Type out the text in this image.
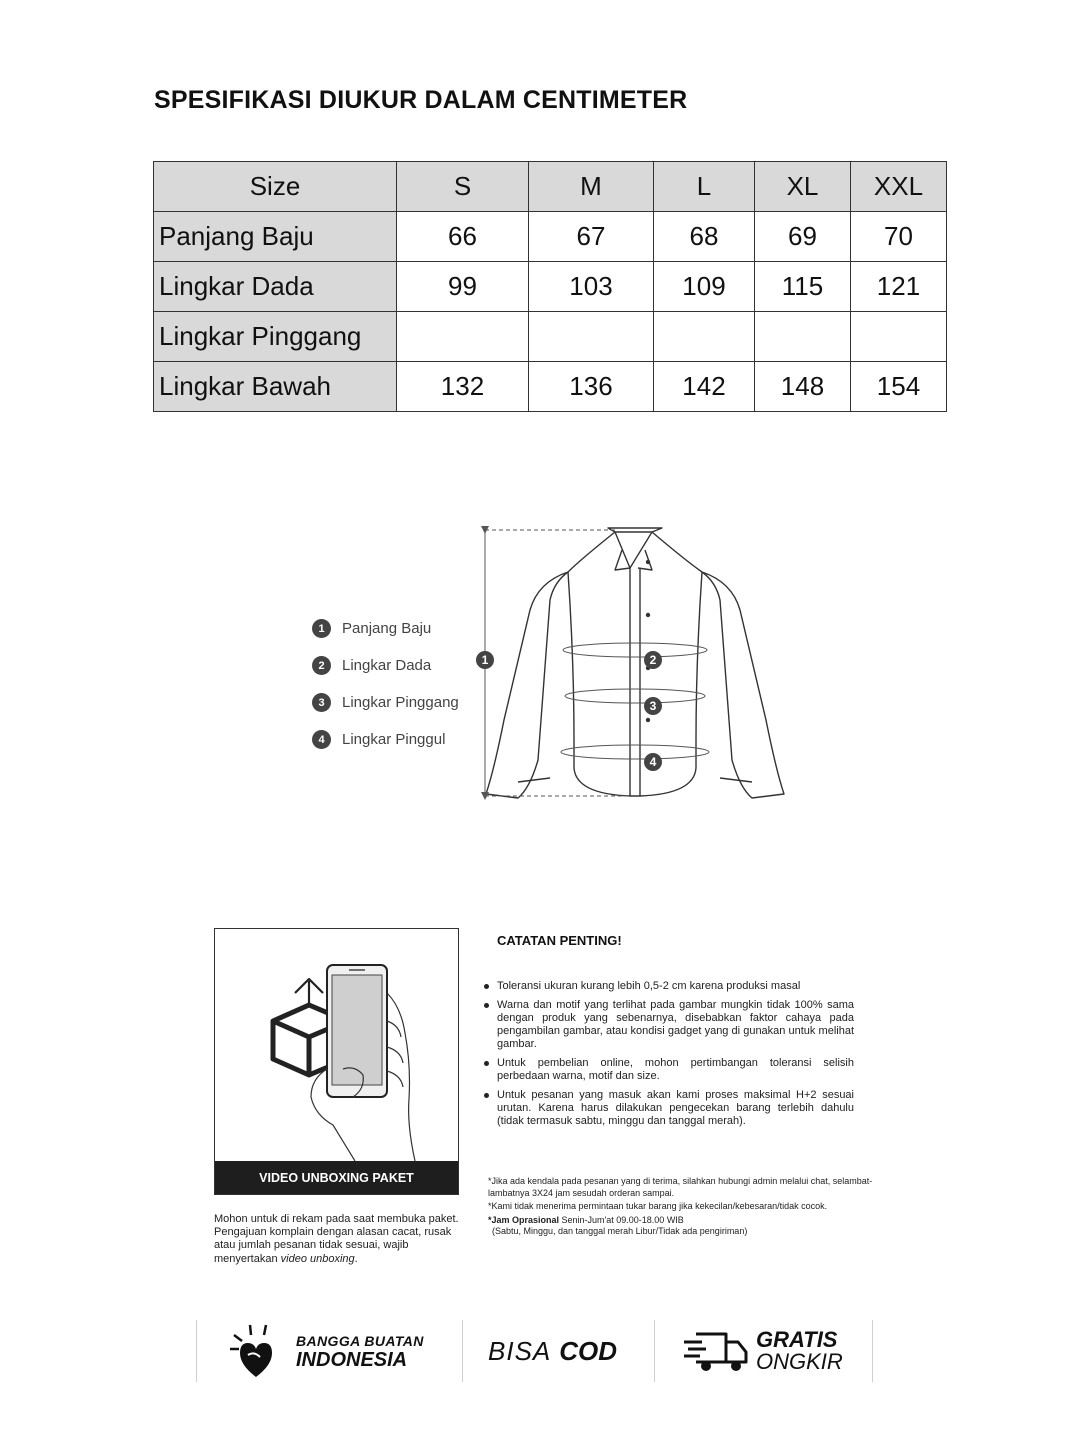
SPESIFIKASI DIUKUR DALAM CENTIMETER
Size	S	M	L	XL	XXL
Panjang Baju	66	67	68	69	70
Lingkar Dada	99	103	109	115	121
Lingkar Pinggang					
Lingkar Bawah	132	136	142	148	154
1	Panjang Baju
2	Lingkar Dada
3	Lingkar Pinggang
4	Lingkar Pinggul
1	2
3
4
VIDEO UNBOXING PAKET
Mohon untuk di rekam pada saat membuka paket. Pengajuan komplain dengan alasan cacat, rusak atau jumlah pesanan tidak sesuai, wajib menyertakan video unboxing.
CATATAN PENTING!
Toleransi ukuran kurang lebih 0,5-2 cm karena produksi masal
Warna dan motif yang terlihat pada gambar mungkin tidak 100% sama dengan produk yang sebenarnya, disebabkan faktor cahaya pada pengambilan gambar, atau kondisi gadget yang di gunakan untuk melihat gambar.
Untuk pembelian online, mohon pertimbangan toleransi selisih perbedaan warna, motif dan size.
Untuk pesanan yang masuk akan kami proses maksimal H+2 sesuai urutan. Karena harus dilakukan pengecekan barang terlebih dahulu (tidak termasuk sabtu, minggu dan tanggal merah).

*Jika ada kendala pada pesanan yang di terima, silahkan hubungi admin melalui chat, selambat-lambatnya 3X24 jam sesudah orderan sampai.

*Kami tidak menerima permintaan tukar barang jika kekecilan/kebesaran/tidak cocok.

*Jam Oprasional Senin-Jum'at 09.00-18.00 WIB
(Sabtu, Minggu, dan tanggal merah Libur/Tidak ada pengiriman)

BANGGA BUATAN
INDONESIA	BISA COD	GRATIS
ONGKIR
